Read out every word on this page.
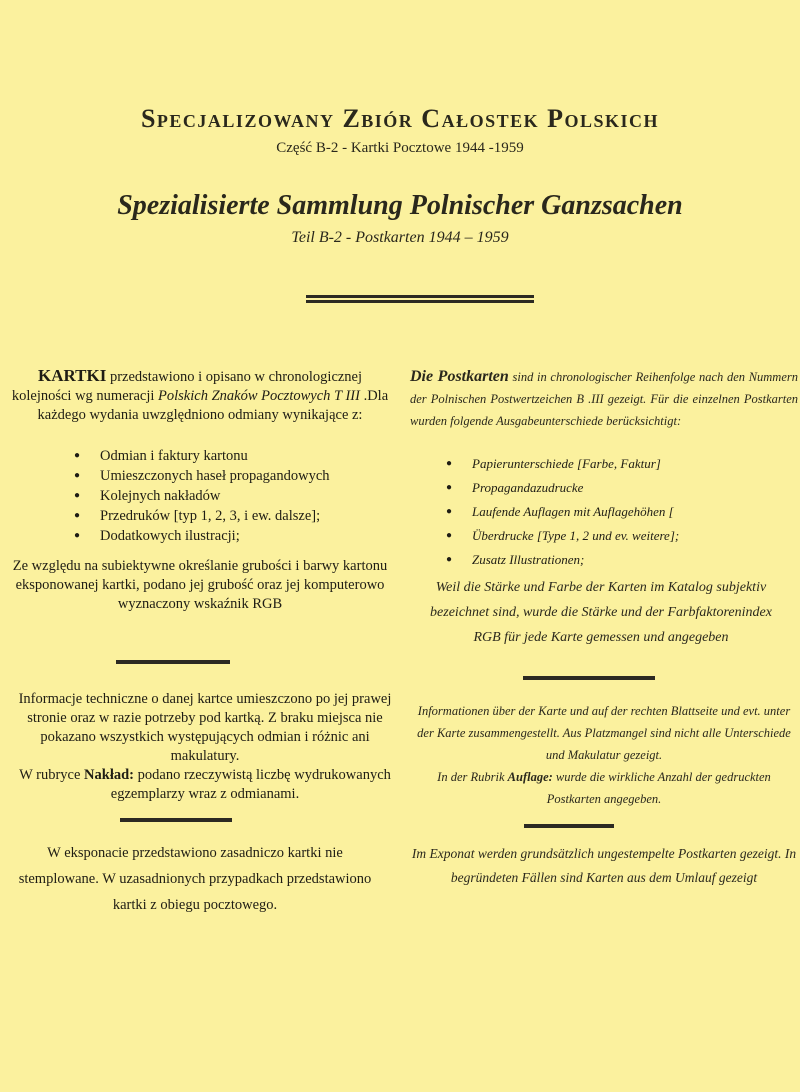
Specjalizowany Zbiór Całostek Polskich
Część B-2 - Kartki Pocztowe 1944 -1959
Spezialisierte Sammlung Polnischer Ganzsachen
Teil B-2 - Postkarten 1944 – 1959
KARTKI przedstawiono i opisano w chronologicznej kolejności wg numeracji Polskich Znaków Pocztowych T III .Dla każdego wydania uwzględniono odmiany wynikające z:
● Odmian i faktury kartonu
● Umieszczonych haseł propagandowych
● Kolejnych nakładów
● Przedruków [typ 1, 2, 3, i ew. dalsze];
● Dodatkowych ilustracji;
Ze względu na subiektywne określanie grubości i barwy kartonu eksponowanej kartki, podano jej grubość oraz jej komputerowo wyznaczony wskaźnik RGB
Informacje techniczne o danej kartce umieszczono po jej prawej stronie oraz w razie potrzeby pod kartką. Z braku miejsca nie pokazano wszystkich występujących odmian i różnic ani makulatury.
W rubryce Nakład: podano rzeczywistą liczbę wydrukowanych egzemplarzy wraz z odmianami.
W eksponacie przedstawiono zasadniczo kartki nie stemplowane. W uzasadnionych przypadkach przedstawiono kartki z obiegu pocztowego.
Die Postkarten sind in chronologischer Reihenfolge nach den Nummern der Polnischen Postwertzeichen B .III gezeigt. Für die einzelnen Postkarten wurden folgende Ausgabeunterschiede berücksichtigt:
● Papierunterschiede [Farbe, Faktur]
● Propagandazudrucke
● Laufende Auflagen mit Auflagehöhen [
● Überdrucke [Type 1, 2 und ev. weitere];
● Zusatz Illustrationen;
Weil die Stärke und Farbe der Karten im Katalog subjektiv bezeichnet sind, wurde die Stärke und der Farbfaktorenindex RGB für jede Karte gemessen und angegeben
Informationen über der Karte und auf der rechten Blattseite und evt. unter der Karte zusammengestellt. Aus Platzmangel sind nicht alle Unterschiede und Makulatur gezeigt.
In der Rubrik Auflage: wurde die wirkliche Anzahl der gedruckten Postkarten angegeben.
Im Exponat werden grundsätzlich ungestempelte Postkarten gezeigt. In begründeten Fällen sind Karten aus dem Umlauf gezeigt
